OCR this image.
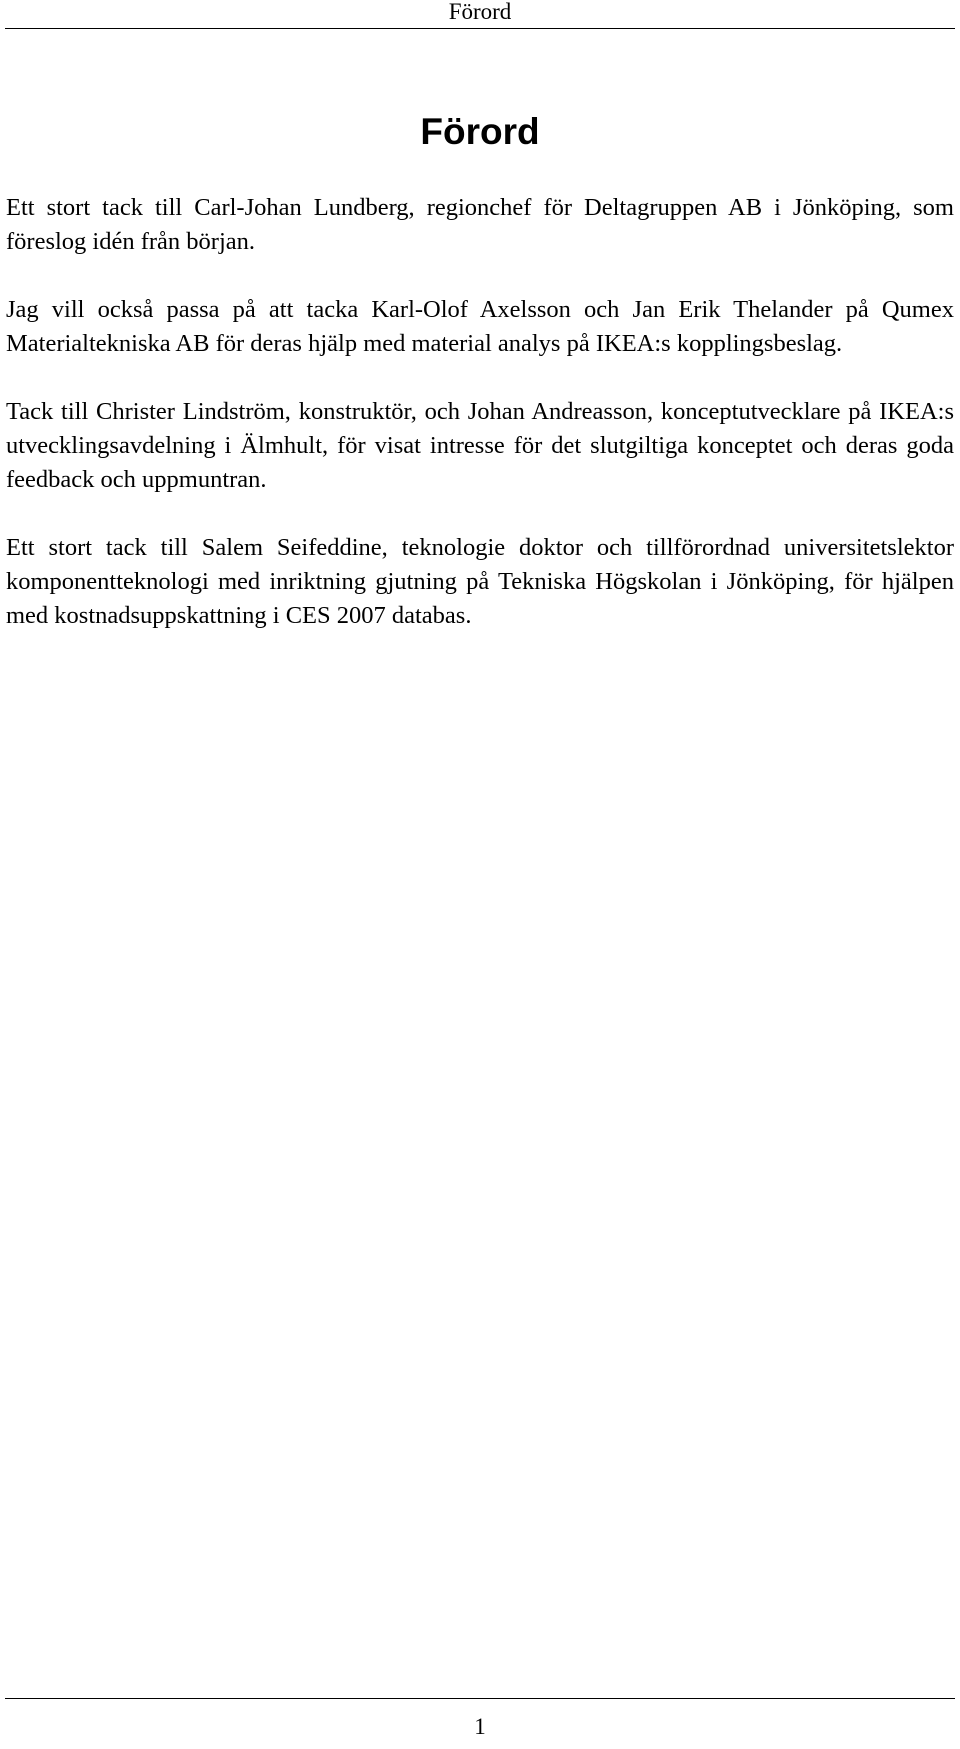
Förord
Förord

Ett stort tack till Carl-Johan Lundberg, regionchef för Deltagruppen AB i Jönköping, som föreslog idén från början.

Jag vill också passa på att tacka Karl-Olof Axelsson och Jan Erik Thelander på Qumex Materialtekniska AB för deras hjälp med material analys på IKEA:s kopplingsbeslag.

Tack till Christer Lindström, konstruktör, och Johan Andreasson, konceptutvecklare på IKEA:s utvecklingsavdelning i Älmhult, för visat intresse för det slutgiltiga konceptet och deras goda feedback och uppmuntran.

Ett stort tack till Salem Seifeddine, teknologie doktor och tillförordnad universitetslektor komponentteknologi med inriktning gjutning på Tekniska Högskolan i Jönköping, för hjälpen med kostnadsuppskattning i CES 2007 databas.

1
